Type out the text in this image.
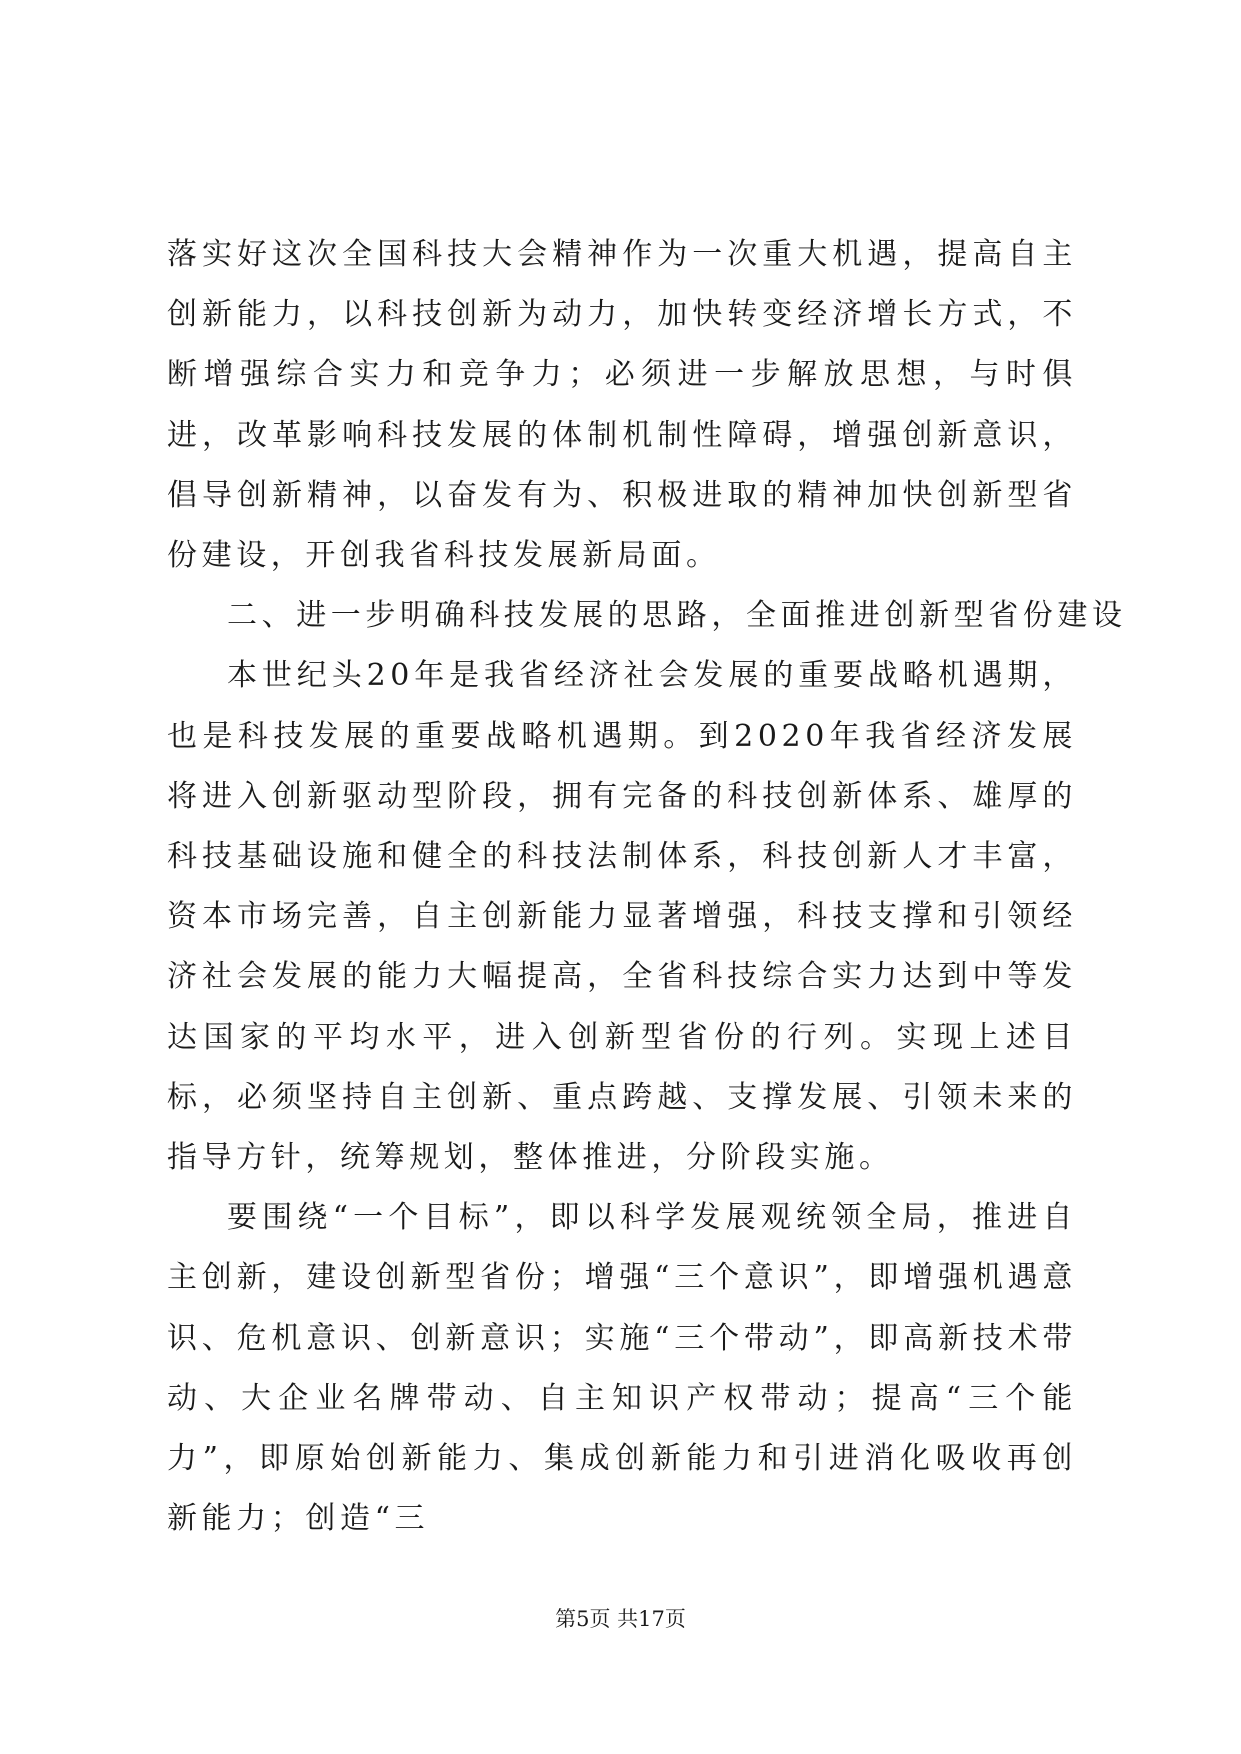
落实好这次全国科技大会精神作为一次重大机遇，提高自主创新能力，以科技创新为动力，加快转变经济增长方式，不断增强综合实力和竞争力；必须进一步解放思想，与时俱进，改革影响科技发展的体制机制性障碍，增强创新意识，倡导创新精神，以奋发有为、积极进取的精神加快创新型省份建设，开创我省科技发展新局面。

二、进一步明确科技发展的思路，全面推进创新型省份建设

本世纪头20年是我省经济社会发展的重要战略机遇期，也是科技发展的重要战略机遇期。到2020年我省经济发展将进入创新驱动型阶段，拥有完备的科技创新体系、雄厚的科技基础设施和健全的科技法制体系，科技创新人才丰富，资本市场完善，自主创新能力显著增强，科技支撑和引领经济社会发展的能力大幅提高，全省科技综合实力达到中等发达国家的平均水平，进入创新型省份的行列。实现上述目标，必须坚持自主创新、重点跨越、支撑发展、引领未来的指导方针，统筹规划，整体推进，分阶段实施。

要围绕“一个目标”，即以科学发展观统领全局，推进自主创新，建设创新型省份；增强“三个意识”，即增强机遇意识、危机意识、创新意识；实施“三个带动”，即高新技术带动、大企业名牌带动、自主知识产权带动；提高“三个能力”，即原始创新能力、集成创新能力和引进消化吸收再创新能力；创造“三

第5页 共17页
